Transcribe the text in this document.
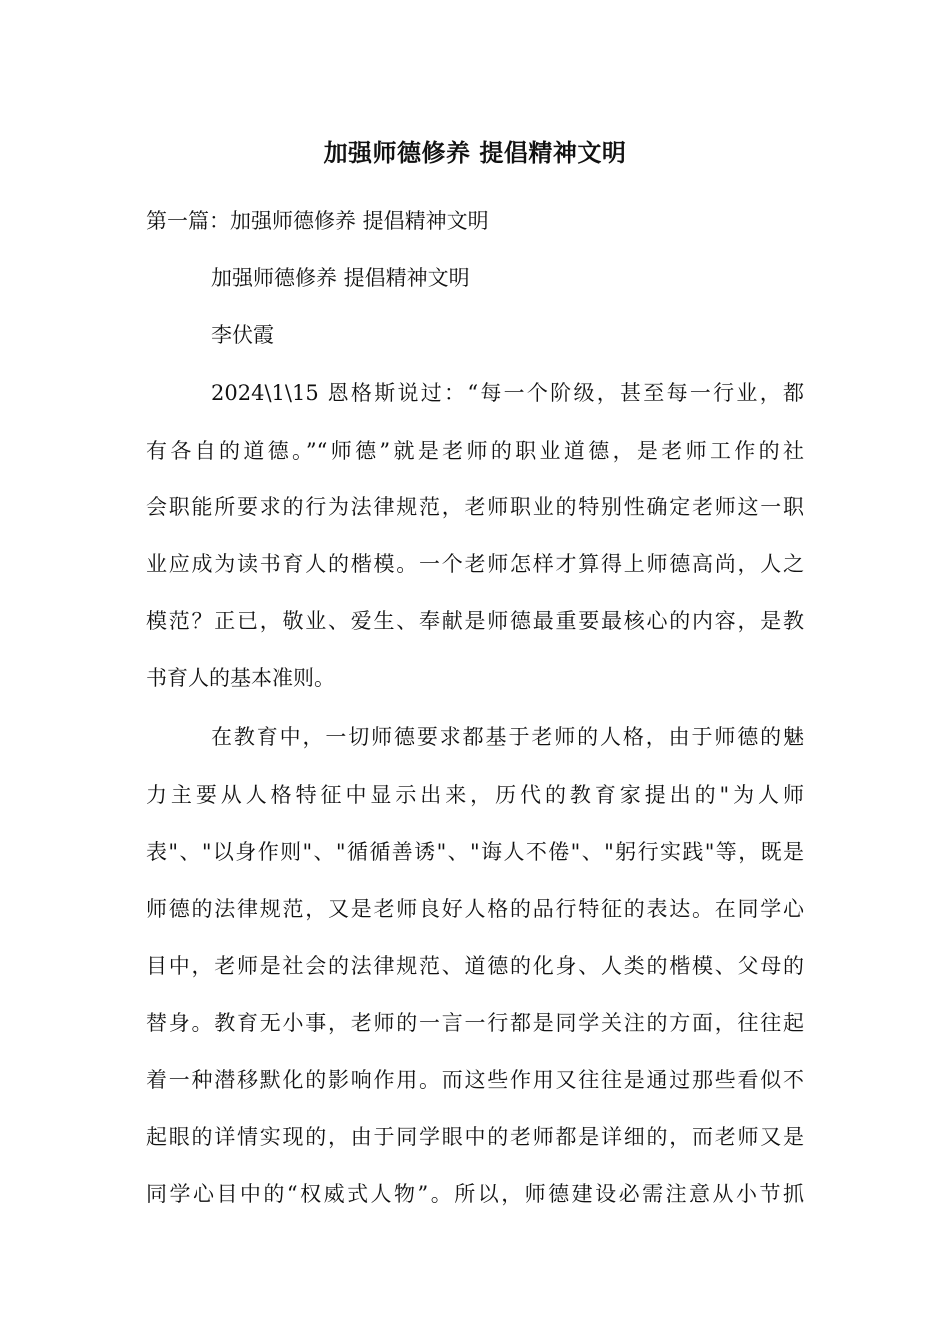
加强师德修养 提倡精神文明
第一篇：加强师德修养 提倡精神文明
加强师德修养 提倡精神文明
李伏霞
2024\1\15 恩格斯说过：“每一个阶级，甚至每一行业，都
有各自的道德。”“师德”就是老师的职业道德，是老师工作的社
会职能所要求的行为法律规范，老师职业的特别性确定老师这一职
业应成为读书育人的楷模。一个老师怎样才算得上师德高尚，人之
模范？正已，敬业、爱生、奉献是师德最重要最核心的内容，是教
书育人的基本准则。
在教育中，一切师德要求都基于老师的人格，由于师德的魅
力主要从人格特征中显示出来，历代的教育家提出的"为人师
表"、"以身作则"、"循循善诱"、"诲人不倦"、"躬行实践"等，既是
师德的法律规范，又是老师良好人格的品行特征的表达。在同学心
目中，老师是社会的法律规范、道德的化身、人类的楷模、父母的
替身。教育无小事，老师的一言一行都是同学关注的方面，往往起
着一种潜移默化的影响作用。而这些作用又往往是通过那些看似不
起眼的详情实现的，由于同学眼中的老师都是详细的，而老师又是
同学心目中的“权威式人物”。所以，师德建设必需注意从小节抓
